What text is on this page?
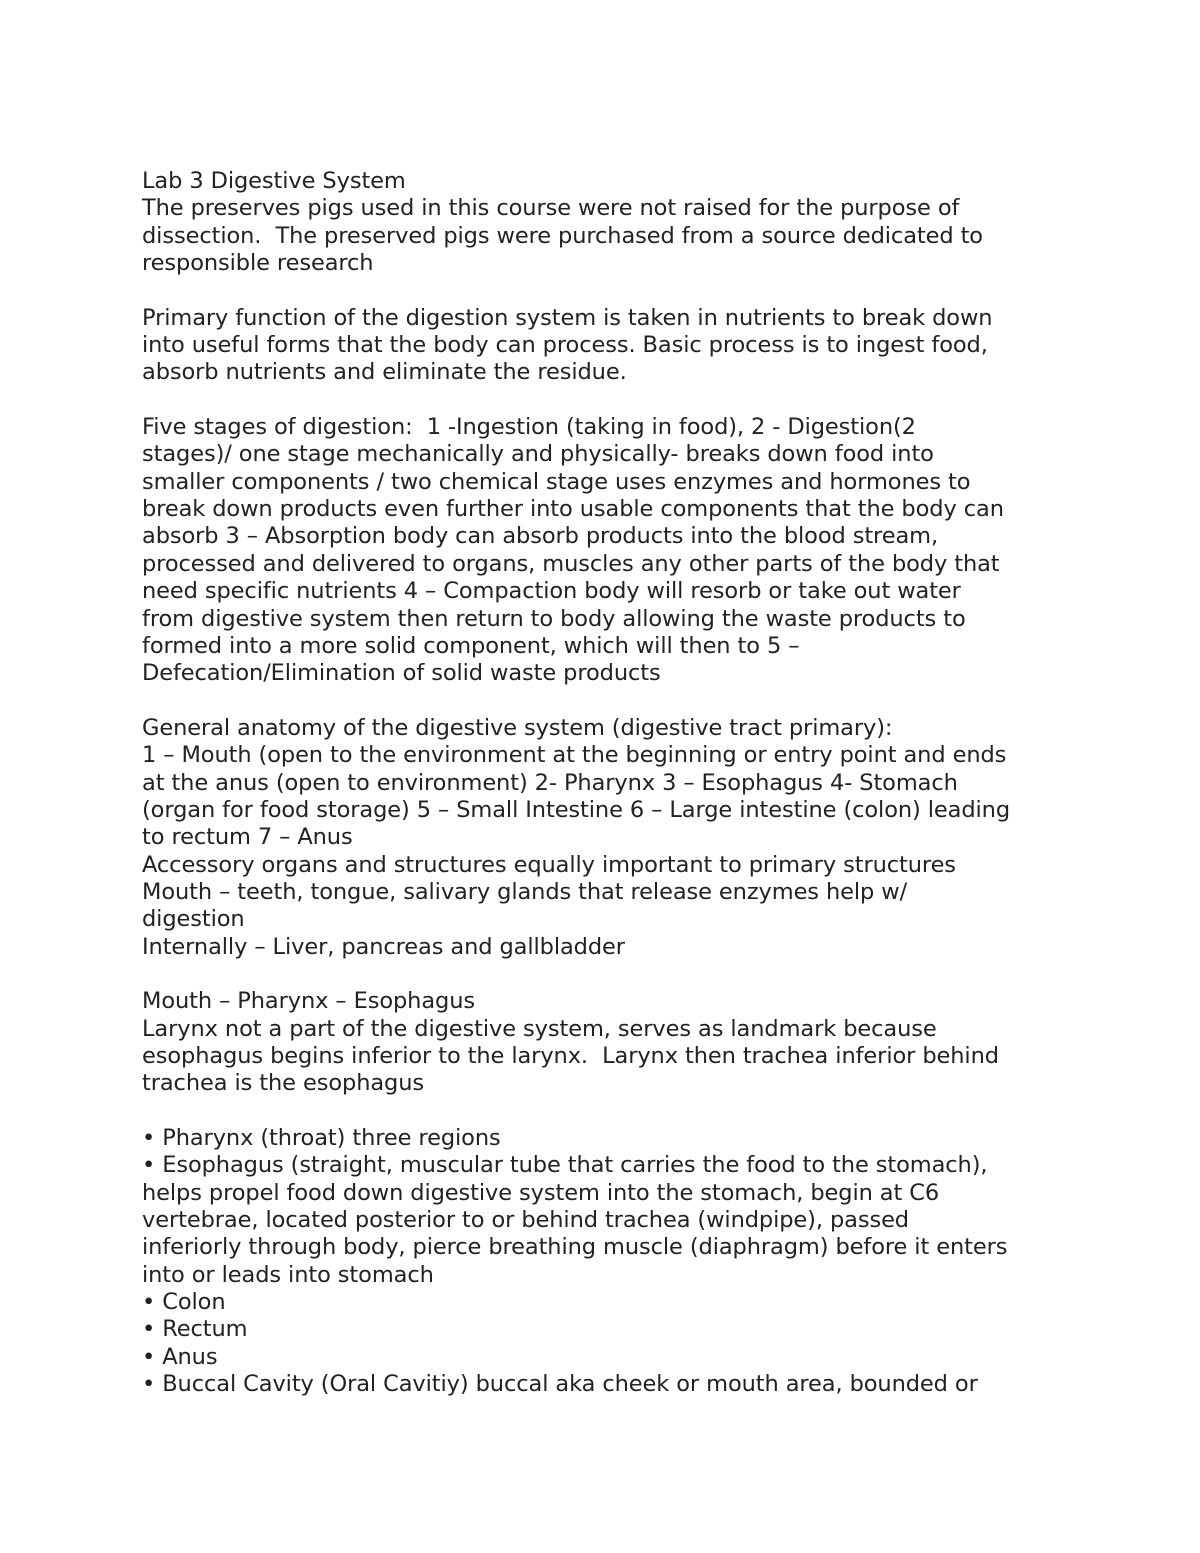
Lab 3 Digestive System
The preserves pigs used in this course were not raised for the purpose of
dissection.  The preserved pigs were purchased from a source dedicated to
responsible research
Primary function of the digestion system is taken in nutrients to break down
into useful forms that the body can process. Basic process is to ingest food,
absorb nutrients and eliminate the residue.
Five stages of digestion:  1 -Ingestion (taking in food), 2 - Digestion(2
stages)/ one stage mechanically and physically- breaks down food into
smaller components / two chemical stage uses enzymes and hormones to
break down products even further into usable components that the body can
absorb 3 – Absorption body can absorb products into the blood stream,
processed and delivered to organs, muscles any other parts of the body that
need specific nutrients 4 – Compaction body will resorb or take out water
from digestive system then return to body allowing the waste products to
formed into a more solid component, which will then to 5 –
Defecation/Elimination of solid waste products
General anatomy of the digestive system (digestive tract primary):
1 – Mouth (open to the environment at the beginning or entry point and ends
at the anus (open to environment) 2- Pharynx 3 – Esophagus 4- Stomach
(organ for food storage) 5 – Small Intestine 6 – Large intestine (colon) leading
to rectum 7 – Anus
Accessory organs and structures equally important to primary structures
Mouth – teeth, tongue, salivary glands that release enzymes help w/
digestion
Internally – Liver, pancreas and gallbladder
Mouth – Pharynx – Esophagus
Larynx not a part of the digestive system, serves as landmark because
esophagus begins inferior to the larynx.  Larynx then trachea inferior behind
trachea is the esophagus
• Pharynx (throat) three regions
• Esophagus (straight, muscular tube that carries the food to the stomach),
helps propel food down digestive system into the stomach, begin at C6
vertebrae, located posterior to or behind trachea (windpipe), passed
inferiorly through body, pierce breathing muscle (diaphragm) before it enters
into or leads into stomach
• Colon
• Rectum
• Anus
• Buccal Cavity (Oral Cavitiy) buccal aka cheek or mouth area, bounded or
